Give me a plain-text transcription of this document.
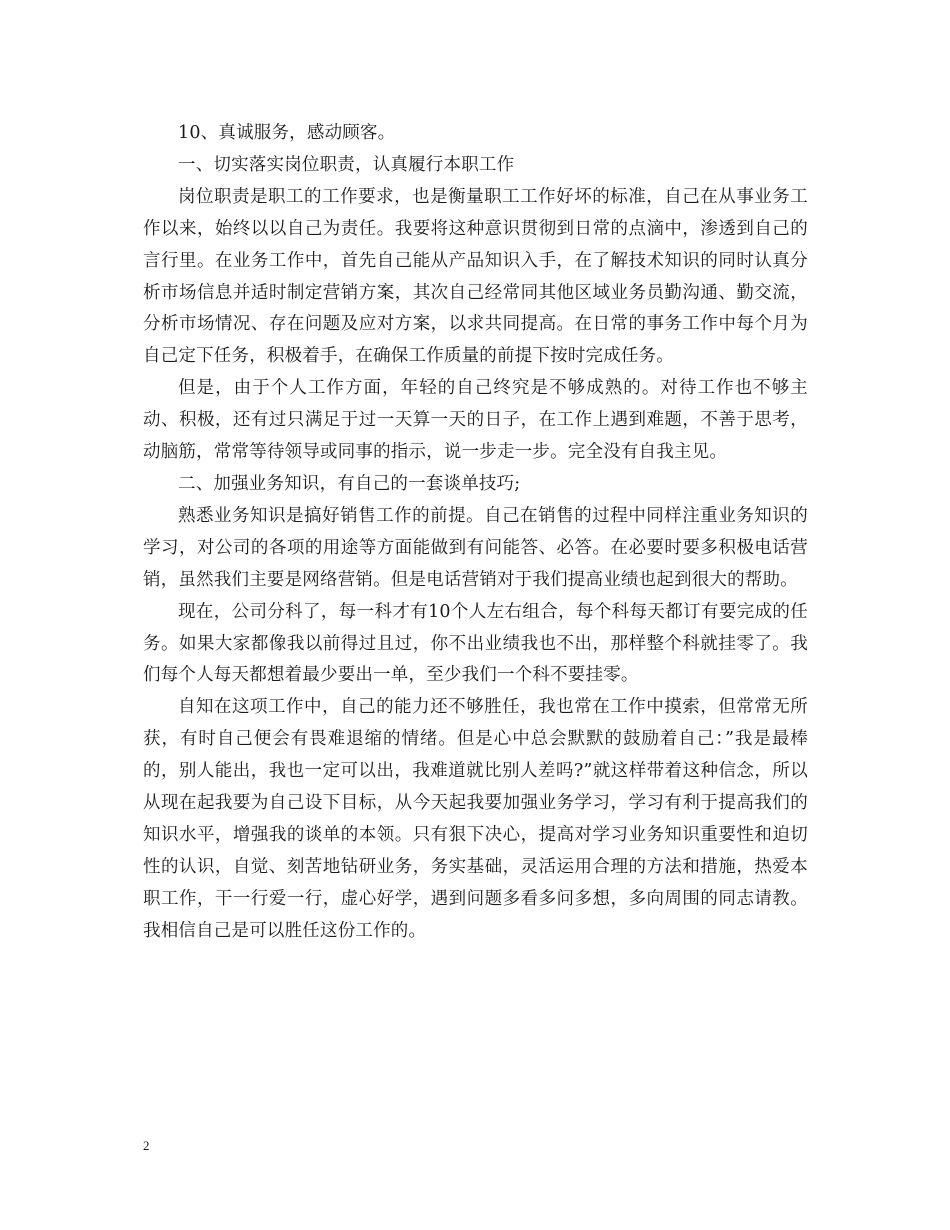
10、真诚服务，感动顾客。

一、切实落实岗位职责，认真履行本职工作

岗位职责是职工的工作要求，也是衡量职工工作好坏的标准，自己在从事业务工作以来，始终以以自己为责任。我要将这种意识贯彻到日常的点滴中，渗透到自己的言行里。在业务工作中，首先自己能从产品知识入手，在了解技术知识的同时认真分析市场信息并适时制定营销方案，其次自己经常同其他区域业务员勤沟通、勤交流，分析市场情况、存在问题及应对方案，以求共同提高。在日常的事务工作中每个月为自己定下任务，积极着手，在确保工作质量的前提下按时完成任务。

但是，由于个人工作方面，年轻的自己终究是不够成熟的。对待工作也不够主动、积极，还有过只满足于过一天算一天的日子，在工作上遇到难题，不善于思考，动脑筋，常常等待领导或同事的指示，说一步走一步。完全没有自我主见。

二、加强业务知识，有自己的一套谈单技巧;

熟悉业务知识是搞好销售工作的前提。自己在销售的过程中同样注重业务知识的学习，对公司的各项的用途等方面能做到有问能答、必答。在必要时要多积极电话营销，虽然我们主要是网络营销。但是电话营销对于我们提高业绩也起到很大的帮助。

现在，公司分科了，每一科才有10个人左右组合，每个科每天都订有要完成的任务。如果大家都像我以前得过且过，你不出业绩我也不出，那样整个科就挂零了。我们每个人每天都想着最少要出一单，至少我们一个科不要挂零。

自知在这项工作中，自己的能力还不够胜任，我也常在工作中摸索，但常常无所获，有时自己便会有畏难退缩的情绪。但是心中总会默默的鼓励着自己：”我是最棒的，别人能出，我也一定可以出，我难道就比别人差吗?”就这样带着这种信念，所以从现在起我要为自己设下目标，从今天起我要加强业务学习，学习有利于提高我们的知识水平，增强我的谈单的本领。只有狠下决心，提高对学习业务知识重要性和迫切性的认识，自觉、刻苦地钻研业务，务实基础，灵活运用合理的方法和措施，热爱本职工作，干一行爱一行，虚心好学，遇到问题多看多问多想，多向周围的同志请教。我相信自己是可以胜任这份工作的。

2
